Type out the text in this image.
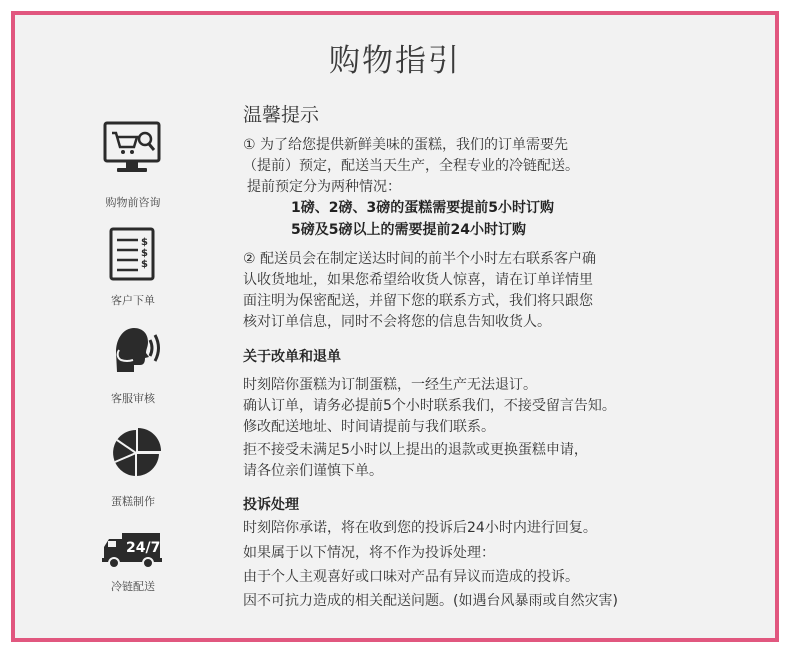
购物指引
购物前咨询
$
$
$
客户下单
客服审核
蛋糕制作
24/7
冷链配送
温馨提示
① 为了给您提供新鲜美味的蛋糕，我们的订单需要先
（提前）预定，配送当天生产，全程专业的冷链配送。
提前预定分为两种情况：
1磅、2磅、3磅的蛋糕需要提前5小时订购
5磅及5磅以上的需要提前24小时订购
② 配送员会在制定送达时间的前半个小时左右联系客户确
认收货地址，如果您希望给收货人惊喜，请在订单详情里
面注明为保密配送，并留下您的联系方式，我们将只跟您
核对订单信息，同时不会将您的信息告知收货人。
关于改单和退单
时刻陪你蛋糕为订制蛋糕，一经生产无法退订。
确认订单，请务必提前5个小时联系我们，不接受留言告知。
修改配送地址、时间请提前与我们联系。
拒不接受未满足5小时以上提出的退款或更换蛋糕申请，
请各位亲们谨慎下单。
投诉处理
时刻陪你承诺，将在收到您的投诉后24小时内进行回复。
如果属于以下情况，将不作为投诉处理：
由于个人主观喜好或口味对产品有异议而造成的投诉。
因不可抗力造成的相关配送问题。(如遇台风暴雨或自然灾害)
